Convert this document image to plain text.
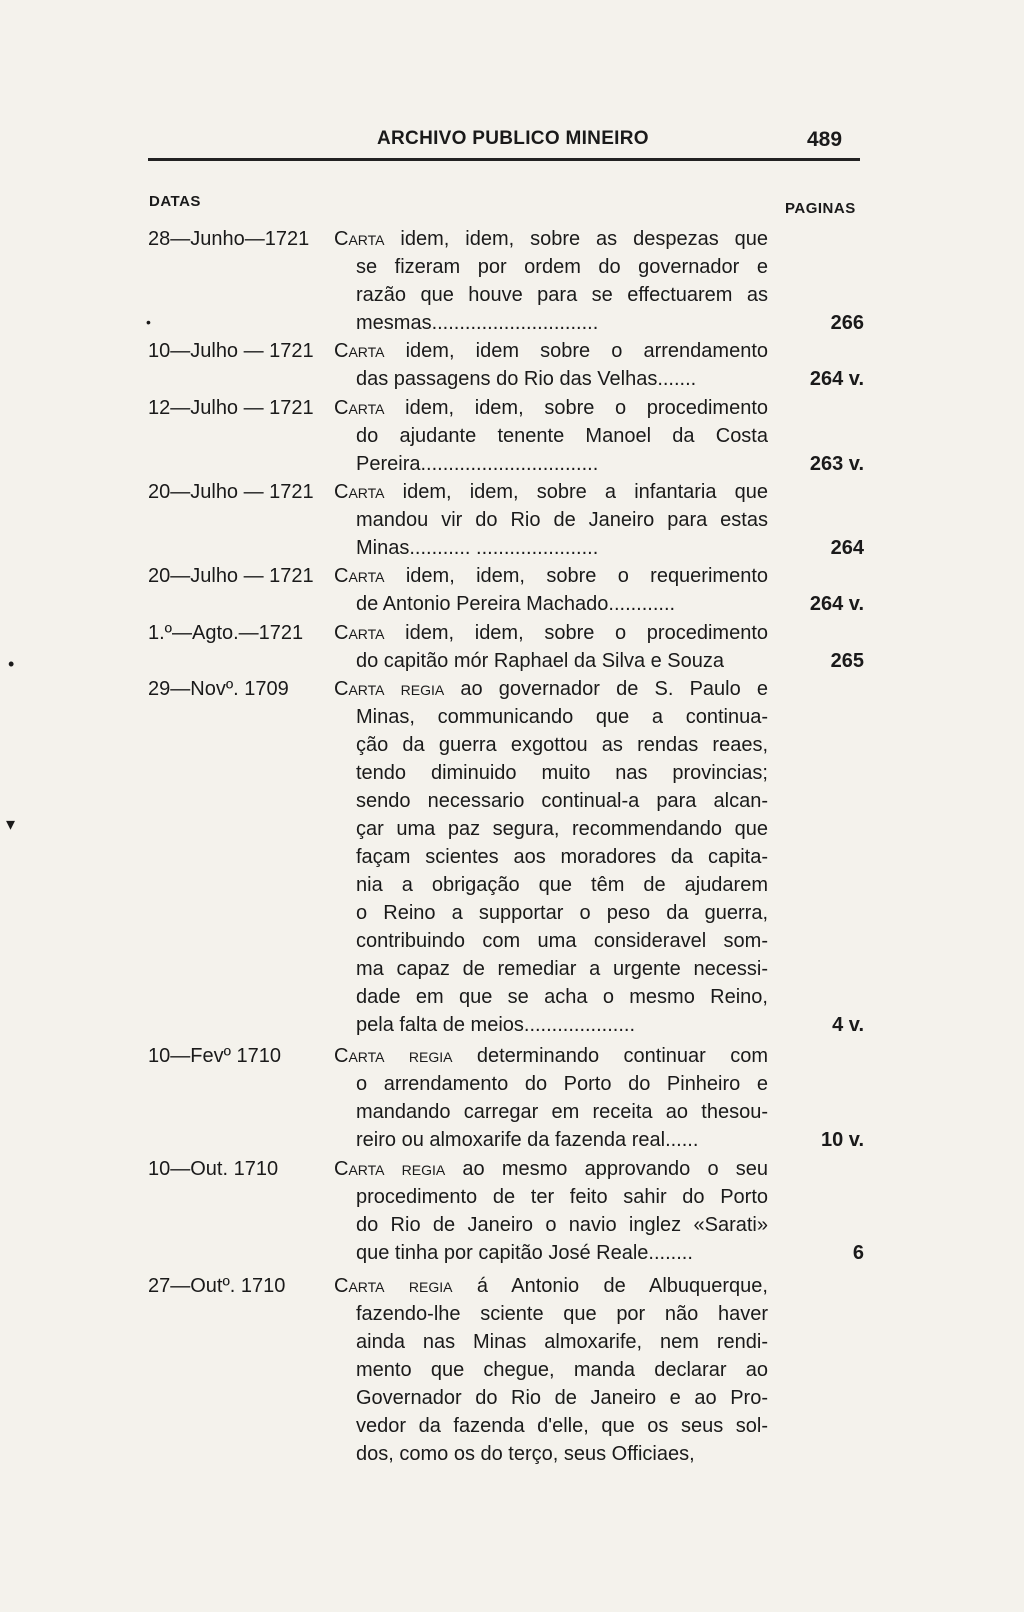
ARCHIVO PUBLICO MINEIRO	489
DATAS	PAGINAS
•
•
▾
28—Junho—1721 Carta idem, idem, sobre as despezas que
se fizeram por ordem do governador e
razão que houve para se effectuarem as
mesmas..............................	266
10—Julho — 1721 Carta idem, idem sobre o arrendamento
das passagens do Rio das Velhas.......	264 v.
12—Julho — 1721 Carta idem, idem, sobre o procedimento
do ajudante tenente Manoel da Costa
Pereira................................	263 v.
20—Julho — 1721 Carta idem, idem, sobre a infantaria que
mandou vir do Rio de Janeiro para estas
Minas........... ......................	264
20—Julho — 1721 Carta idem, idem, sobre o requerimento
de Antonio Pereira Machado............	264 v.
1.º—Agto.—1721 Carta idem, idem, sobre o procedimento
do capitão mór Raphael da Silva e Souza	265
29—Novº. 1709 Carta regia ao governador de S. Paulo e
Minas, communicando que a continua-
ção da guerra exgottou as rendas reaes,
tendo diminuido muito nas provincias;
sendo necessario continual-a para alcan-
çar uma paz segura, recommendando que
façam scientes aos moradores da capita-
nia a obrigação que têm de ajudarem
o Reino a supportar o peso da guerra,
contribuindo com uma consideravel som-
ma capaz de remediar a urgente necessi-
dade em que se acha o mesmo Reino,
pela falta de meios....................	4 v.
10—Fevº 1710	Carta regia determinando continuar com
o arrendamento do Porto do Pinheiro e
mandando carregar em receita ao thesou-
reiro ou almoxarife da fazenda real......	10 v.
10—Out. 1710	Carta regia ao mesmo approvando o seu
procedimento de ter feito sahir do Porto
do Rio de Janeiro o navio inglez «Sarati»
que tinha por capitão José Reale........	6
27—Outº. 1710 Carta regia á Antonio de Albuquerque,
fazendo-lhe sciente que por não haver
ainda nas Minas almoxarife, nem rendi-
mento que chegue, manda declarar ao
Governador do Rio de Janeiro e ao Pro-
vedor da fazenda d'elle, que os seus sol-
dos, como os do terço, seus Officiaes,
